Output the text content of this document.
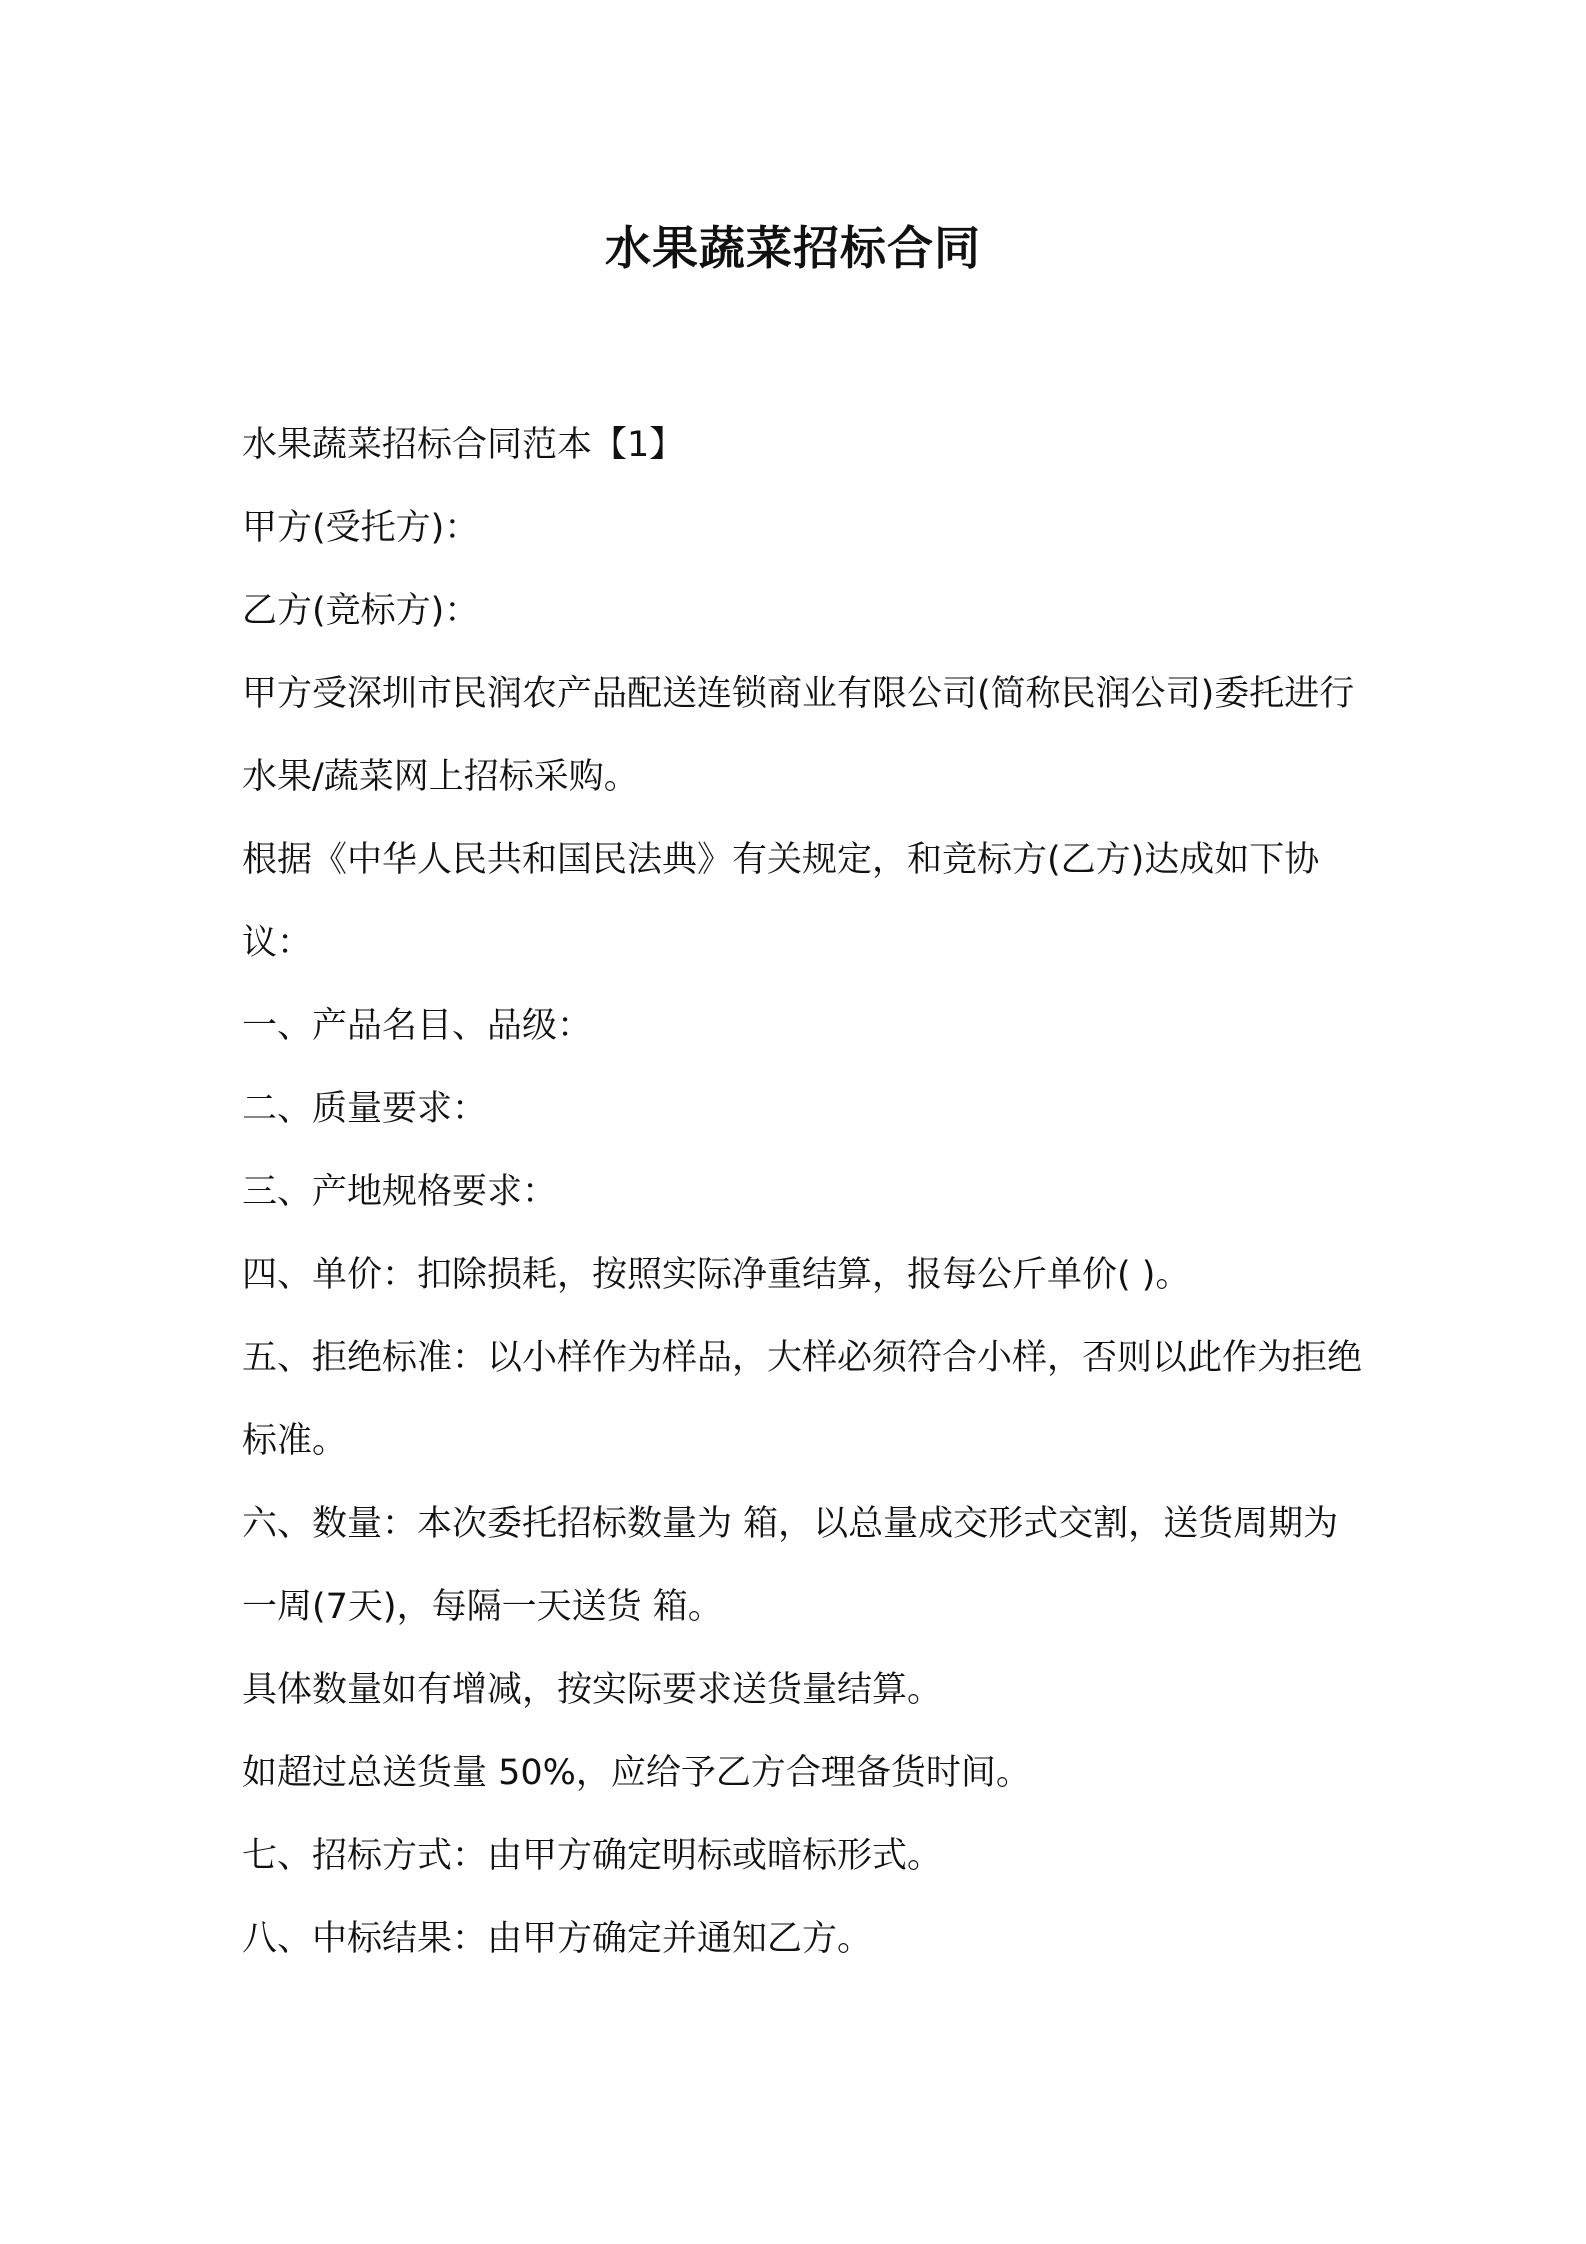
水果蔬菜招标合同

水果蔬菜招标合同范本【1】

甲方(受托方)：

乙方(竞标方)：

甲方受深圳市民润农产品配送连锁商业有限公司(简称民润公司)委托进行水果/蔬菜网上招标采购。

根据《中华人民共和国民法典》有关规定，和竞标方(乙方)达成如下协议：

一、产品名目、品级：

二、质量要求：

三、产地规格要求：

四、单价：扣除损耗，按照实际净重结算，报每公斤单价( )。

五、拒绝标准：以小样作为样品，大样必须符合小样，否则以此作为拒绝标准。

六、数量：本次委托招标数量为 箱，以总量成交形式交割，送货周期为一周(7天)，每隔一天送货 箱。

具体数量如有增减，按实际要求送货量结算。

如超过总送货量 50%，应给予乙方合理备货时间。

七、招标方式：由甲方确定明标或暗标形式。

八、中标结果：由甲方确定并通知乙方。
